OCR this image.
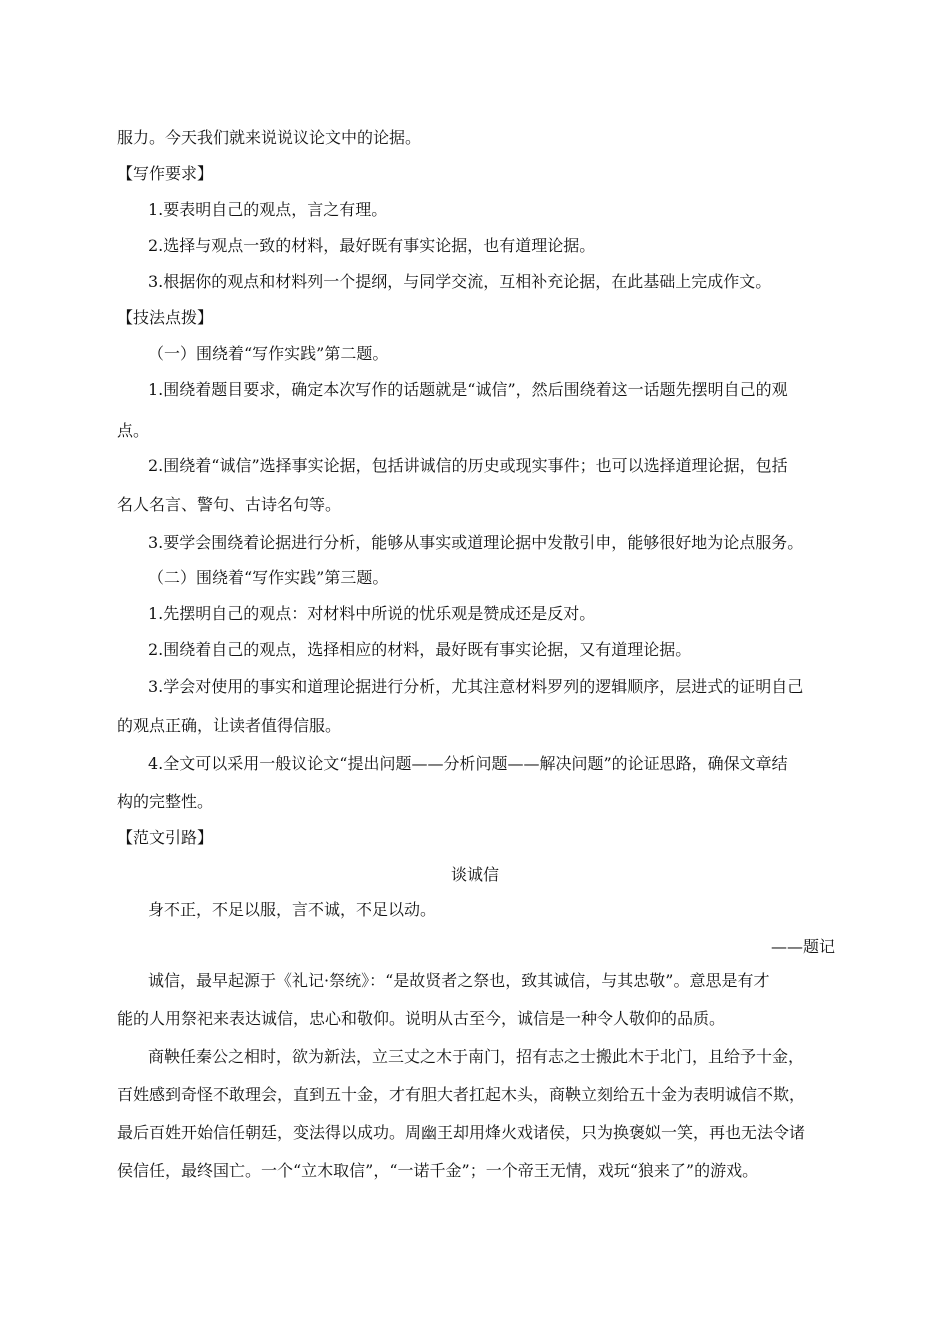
服力。今天我们就来说说议论文中的论据。
【写作要求】
1.要表明自己的观点，言之有理。
2.选择与观点一致的材料，最好既有事实论据，也有道理论据。
3.根据你的观点和材料列一个提纲，与同学交流，互相补充论据，在此基础上完成作文。
【技法点拨】
（一）围绕着“写作实践”第二题。
1.围绕着题目要求，确定本次写作的话题就是“诚信”，然后围绕着这一话题先摆明自己的观
点。
2.围绕着“诚信”选择事实论据，包括讲诚信的历史或现实事件；也可以选择道理论据，包括
名人名言、警句、古诗名句等。
3.要学会围绕着论据进行分析，能够从事实或道理论据中发散引申，能够很好地为论点服务。
（二）围绕着“写作实践”第三题。
1.先摆明自己的观点：对材料中所说的忧乐观是赞成还是反对。
2.围绕着自己的观点，选择相应的材料，最好既有事实论据，又有道理论据。
3.学会对使用的事实和道理论据进行分析，尤其注意材料罗列的逻辑顺序，层进式的证明自己
的观点正确，让读者值得信服。
4.全文可以采用一般议论文“提出问题——分析问题——解决问题”的论证思路，确保文章结
构的完整性。
【范文引路】
谈诚信
身不正，不足以服，言不诚，不足以动。
——题记
诚信，最早起源于《礼记·祭统》：“是故贤者之祭也，致其诚信，与其忠敬”。意思是有才
能的人用祭祀来表达诚信，忠心和敬仰。说明从古至今，诚信是一种令人敬仰的品质。
商鞅任秦公之相时，欲为新法，立三丈之木于南门，招有志之士搬此木于北门，且给予十金，
百姓感到奇怪不敢理会，直到五十金，才有胆大者扛起木头，商鞅立刻给五十金为表明诚信不欺，
最后百姓开始信任朝廷，变法得以成功。周幽王却用烽火戏诸侯，只为换褒姒一笑，再也无法令诸
侯信任，最终国亡。一个“立木取信”，“一诺千金”；一个帝王无情，戏玩“狼来了”的游戏。
